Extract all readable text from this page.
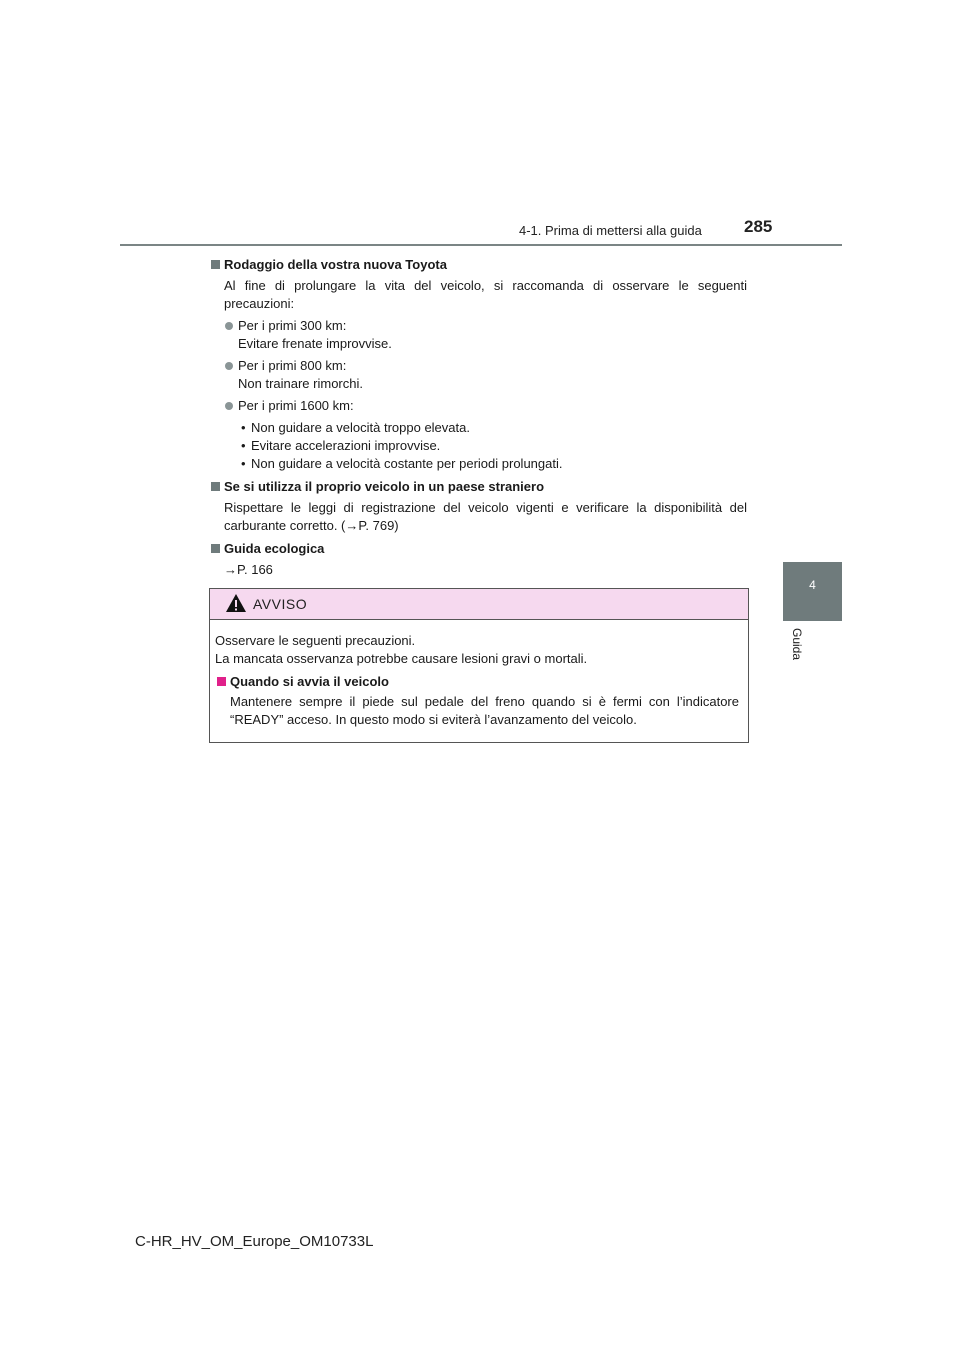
4-1. Prima di mettersi alla guida 285
4
Guida
Rodaggio della vostra nuova Toyota
Al fine di prolungare la vita del veicolo, si raccomanda di osservare le seguenti precauzioni:
Per i primi 300 km:
Evitare frenate improvvise.
Per i primi 800 km:
Non trainare rimorchi.
Per i primi 1600 km:
• Non guidare a velocità troppo elevata.
• Evitare accelerazioni improvvise.
• Non guidare a velocità costante per periodi prolungati.
Se si utilizza il proprio veicolo in un paese straniero
Rispettare le leggi di registrazione del veicolo vigenti e verificare la disponibilità del carburante corretto. (→P. 769)
Guida ecologica
→P. 166
AVVISO
Osservare le seguenti precauzioni.
La mancata osservanza potrebbe causare lesioni gravi o mortali.
Quando si avvia il veicolo
Mantenere sempre il piede sul pedale del freno quando si è fermi con l’indicatore “READY” acceso. In questo modo si eviterà l’avanzamento del veicolo.
C-HR_HV_OM_Europe_OM10733L
